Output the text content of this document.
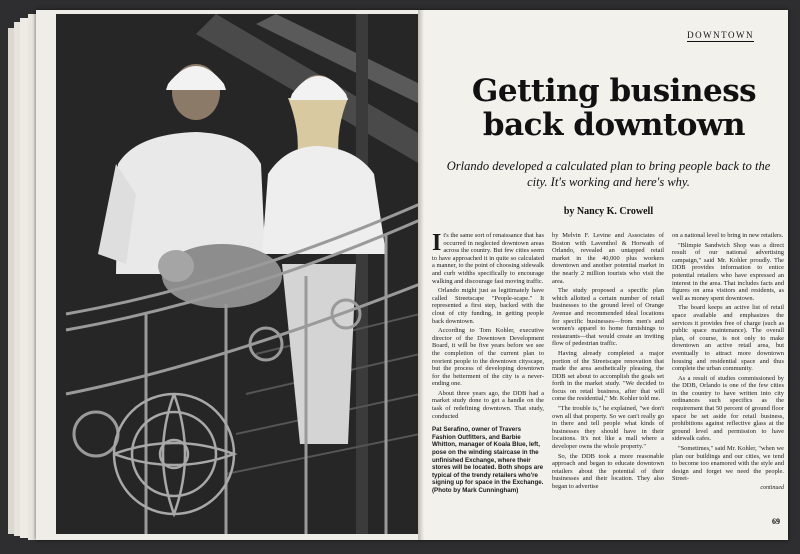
DOWNTOWN
Getting business back downtown
Orlando developed a calculated plan to bring people back to the city. It's working and here's why.
by Nancy K. Crowell

It's the same sort of renaissance that has occurred in neglected downtown areas across the country. But few cities seem to have approached it in quite so calculated a manner, to the point of choosing sidewalk and curb widths specifically to encourage walking and discourage fast moving traffic.

Orlando might just as legitimately have called Streetscape "People-scape." It represented a first step, backed with the clout of city funding, in getting people back downtown.

According to Tom Kohler, executive director of the Downtown Development Board, it will be five years before we see the completion of the current plan to reorient people to the downtown cityscape, but the process of developing downtown for the betterment of the city is a never-ending one.

About three years ago, the DDB had a market study done to get a handle on the task of redefining downtown. That study, conducted

Pat Serafino, owner of Travers Fashion Outfitters, and Barbie Whitton, manager of Koala Blue, left, pose on the winding staircase in the unfinished Exchange, where their stores will be located. Both shops are typical of the trendy retailers who're signing up for space in the Exchange. (Photo by Mark Cunningham)

by Melvin F. Levine and Associates of Boston with Laventhol & Horwath of Orlando, revealed an untapped retail market in the 40,000 plus workers downtown and another potential market in the nearly 2 million tourists who visit the area.

The study proposed a specific plan which allotted a certain number of retail businesses to the ground level of Orange Avenue and recommended ideal locations for specific businesses—from men's and women's apparel to home furnishings to restaurants—that would create an inviting flow of pedestrian traffic.

Having already completed a major portion of the Streetscape renovation that made the area aesthetically pleasing, the DDB set about to accomplish the goals set forth in the market study. "We decided to focus on retail business, after that will come the residential," Mr. Kohler told me.

"The trouble is," he explained, "we don't own all that property. So we can't really go in there and tell people what kinds of businesses they should have in their locations. It's not like a mall where a developer owns the whole property."

So, the DDB took a more reasonable approach and began to educate downtown retailers about the potential of their businesses and their location. They also began to advertise

on a national level to bring in new retailers.

"Blimpie Sandwich Shop was a direct result of our national advertising campaign," said Mr. Kohler proudly. The DDB provides information to entice potential retailers who have expressed an interest in the area. That includes facts and figures on area visitors and residents, as well as money spent downtown.

The board keeps an active list of retail space available and emphasizes the services it provides free of charge (such as public space maintenance). The overall plan, of course, is not only to make downtown an active retail area, but eventually to attract more downtown housing and residential space and thus complete the urban community.

As a result of studies commissioned by the DDB, Orlando is one of the few cities in the country to have written into city ordinances such specifics as the requirement that 50 percent of ground floor space be set aside for retail business, prohibitions against reflective glass at the ground level and permission to have sidewalk cafes.

"Sometimes," said Mr. Kohler, "when we plan our buildings and our cities, we tend to become too enamored with the style and design and forget we need the people. Street-

continued
69
